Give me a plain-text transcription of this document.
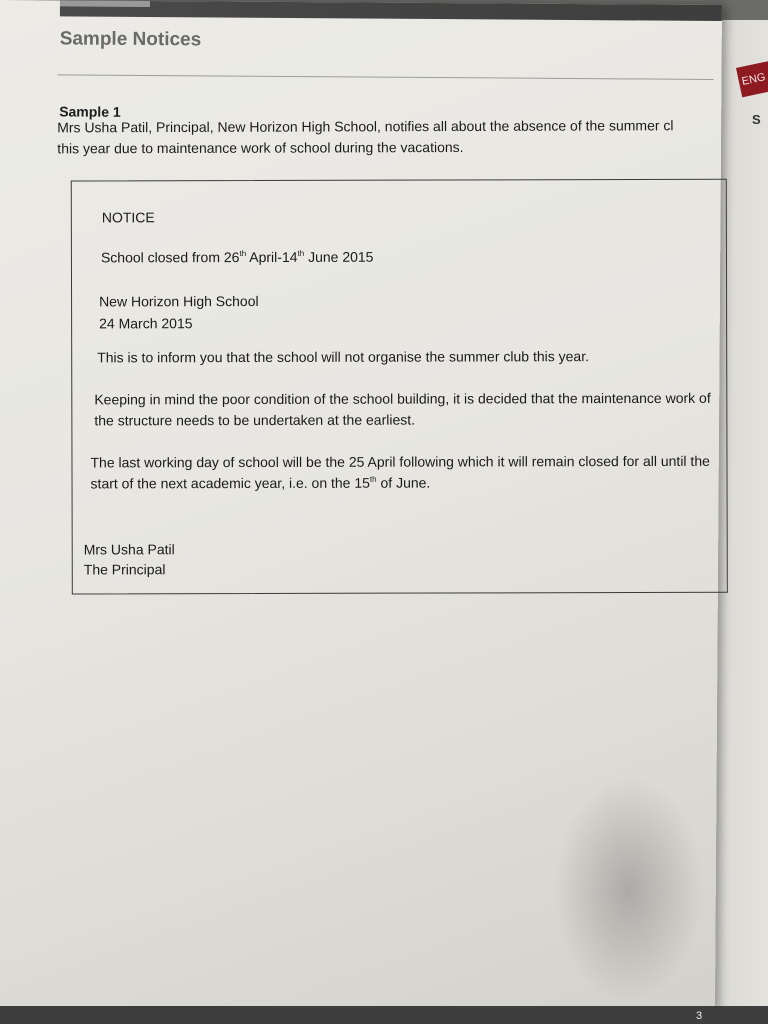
ENG
S
Sample Notices
Sample 1
Mrs Usha Patil, Principal, New Horizon High School, notifies all about the absence of the summer cl
this year due to maintenance work of school during the vacations.
NOTICE
School closed from 26th April-14th June 2015
New Horizon High School
24 March 2015
This is to inform you that the school will not organise the summer club this year.
Keeping in mind the poor condition of the school building, it is decided that the maintenance work of the structure needs to be undertaken at the earliest.
The last working day of school will be the 25 April following which it will remain closed for all until the start of the next academic year, i.e. on the 15th of June.
Mrs Usha Patil
The Principal
3
